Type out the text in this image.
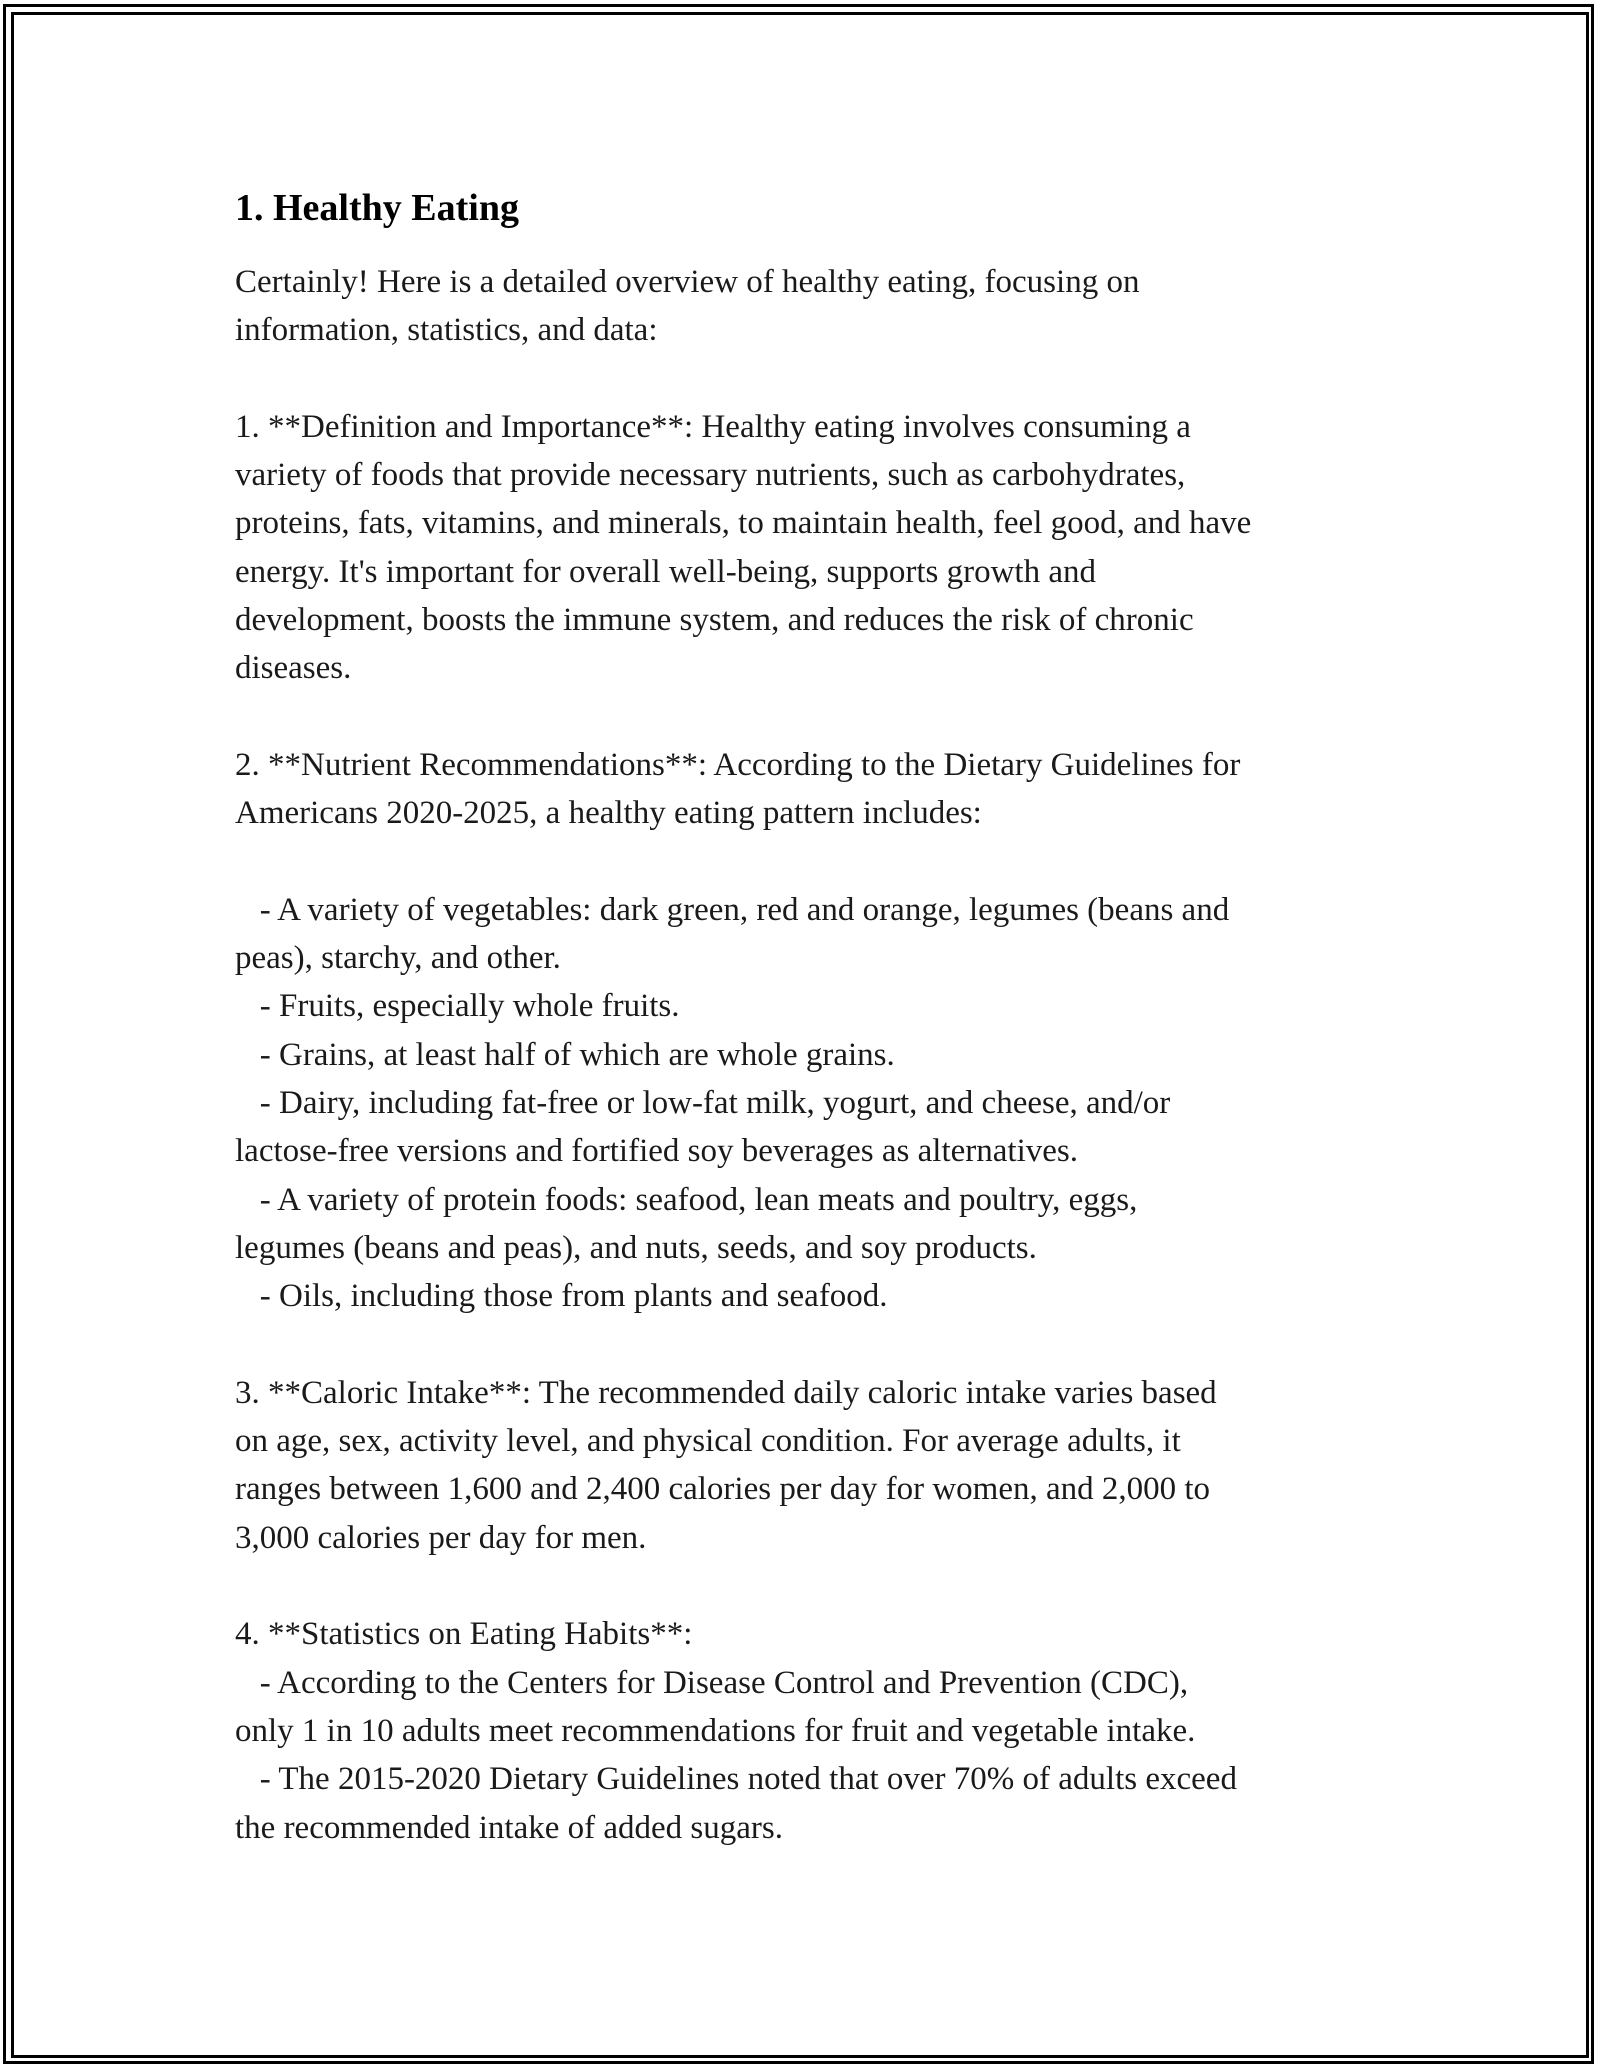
1. Healthy Eating
Certainly! Here is a detailed overview of healthy eating, focusing on
information, statistics, and data:

1. **Definition and Importance**: Healthy eating involves consuming a
variety of foods that provide necessary nutrients, such as carbohydrates,
proteins, fats, vitamins, and minerals, to maintain health, feel good, and have
energy. It's important for overall well-being, supports growth and
development, boosts the immune system, and reduces the risk of chronic
diseases.

2. **Nutrient Recommendations**: According to the Dietary Guidelines for
Americans 2020-2025, a healthy eating pattern includes:

- A variety of vegetables: dark green, red and orange, legumes (beans and
peas), starchy, and other.
- Fruits, especially whole fruits.
- Grains, at least half of which are whole grains.
- Dairy, including fat-free or low-fat milk, yogurt, and cheese, and/or
lactose-free versions and fortified soy beverages as alternatives.
- A variety of protein foods: seafood, lean meats and poultry, eggs,
legumes (beans and peas), and nuts, seeds, and soy products.
- Oils, including those from plants and seafood.

3. **Caloric Intake**: The recommended daily caloric intake varies based
on age, sex, activity level, and physical condition. For average adults, it
ranges between 1,600 and 2,400 calories per day for women, and 2,000 to
3,000 calories per day for men.

4. **Statistics on Eating Habits**:
- According to the Centers for Disease Control and Prevention (CDC),
only 1 in 10 adults meet recommendations for fruit and vegetable intake.
- The 2015-2020 Dietary Guidelines noted that over 70% of adults exceed
the recommended intake of added sugars.
